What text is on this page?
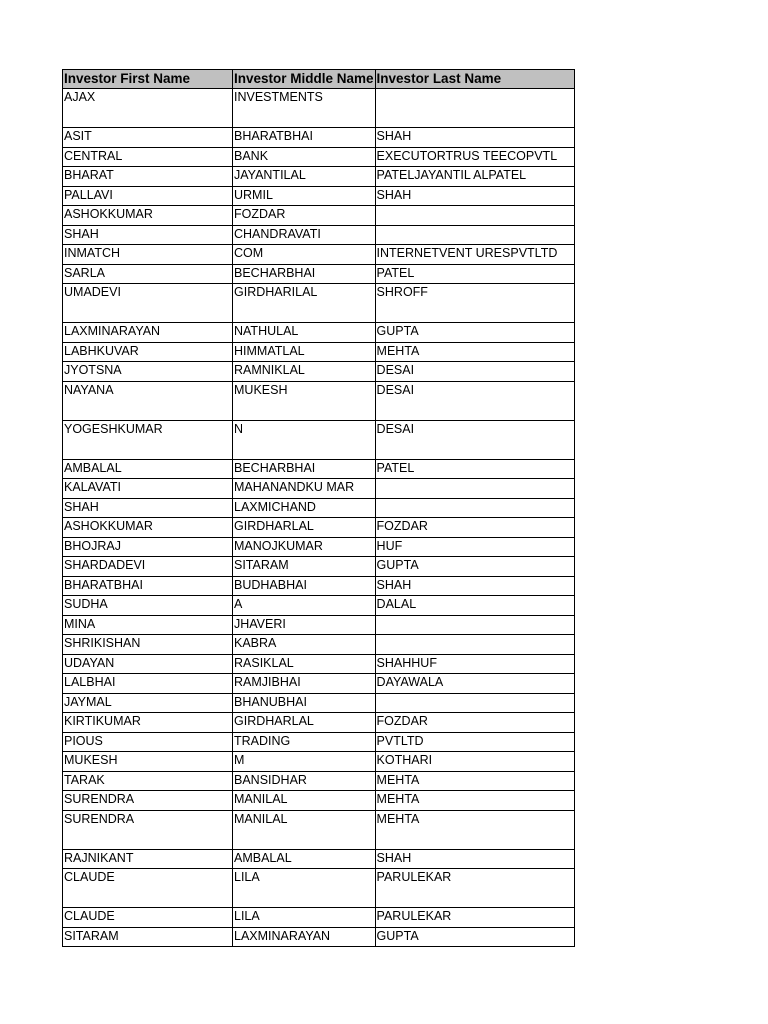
Investor First Name	Investor Middle Name	Investor Last Name
AJAX	INVESTMENTS	
ASIT	BHARATBHAI	SHAH
CENTRAL	BANK	EXECUTORTRUS TEECOPVTL
BHARAT	JAYANTILAL	PATELJAYANTIL ALPATEL
PALLAVI	URMIL	SHAH
ASHOKKUMAR	FOZDAR	
SHAH	CHANDRAVATI	
INMATCH	COM	INTERNETVENT URESPVTLTD
SARLA	BECHARBHAI	PATEL
UMADEVI	GIRDHARILAL	SHROFF
LAXMINARAYAN	NATHULAL	GUPTA
LABHKUVAR	HIMMATLAL	MEHTA
JYOTSNA	RAMNIKLAL	DESAI
NAYANA	MUKESH	DESAI
YOGESHKUMAR	N	DESAI
AMBALAL	BECHARBHAI	PATEL
KALAVATI	MAHANANDKU MAR	
SHAH	LAXMICHAND	
ASHOKKUMAR	GIRDHARLAL	FOZDAR
BHOJRAJ	MANOJKUMAR	HUF
SHARDADEVI	SITARAM	GUPTA
BHARATBHAI	BUDHABHAI	SHAH
SUDHA	A	DALAL
MINA	JHAVERI	
SHRIKISHAN	KABRA	
UDAYAN	RASIKLAL	SHAHHUF
LALBHAI	RAMJIBHAI	DAYAWALA
JAYMAL	BHANUBHAI	
KIRTIKUMAR	GIRDHARLAL	FOZDAR
PIOUS	TRADING	PVTLTD
MUKESH	M	KOTHARI
TARAK	BANSIDHAR	MEHTA
SURENDRA	MANILAL	MEHTA
SURENDRA	MANILAL	MEHTA
RAJNIKANT	AMBALAL	SHAH
CLAUDE	LILA	PARULEKAR
CLAUDE	LILA	PARULEKAR
SITARAM	LAXMINARAYAN	GUPTA
